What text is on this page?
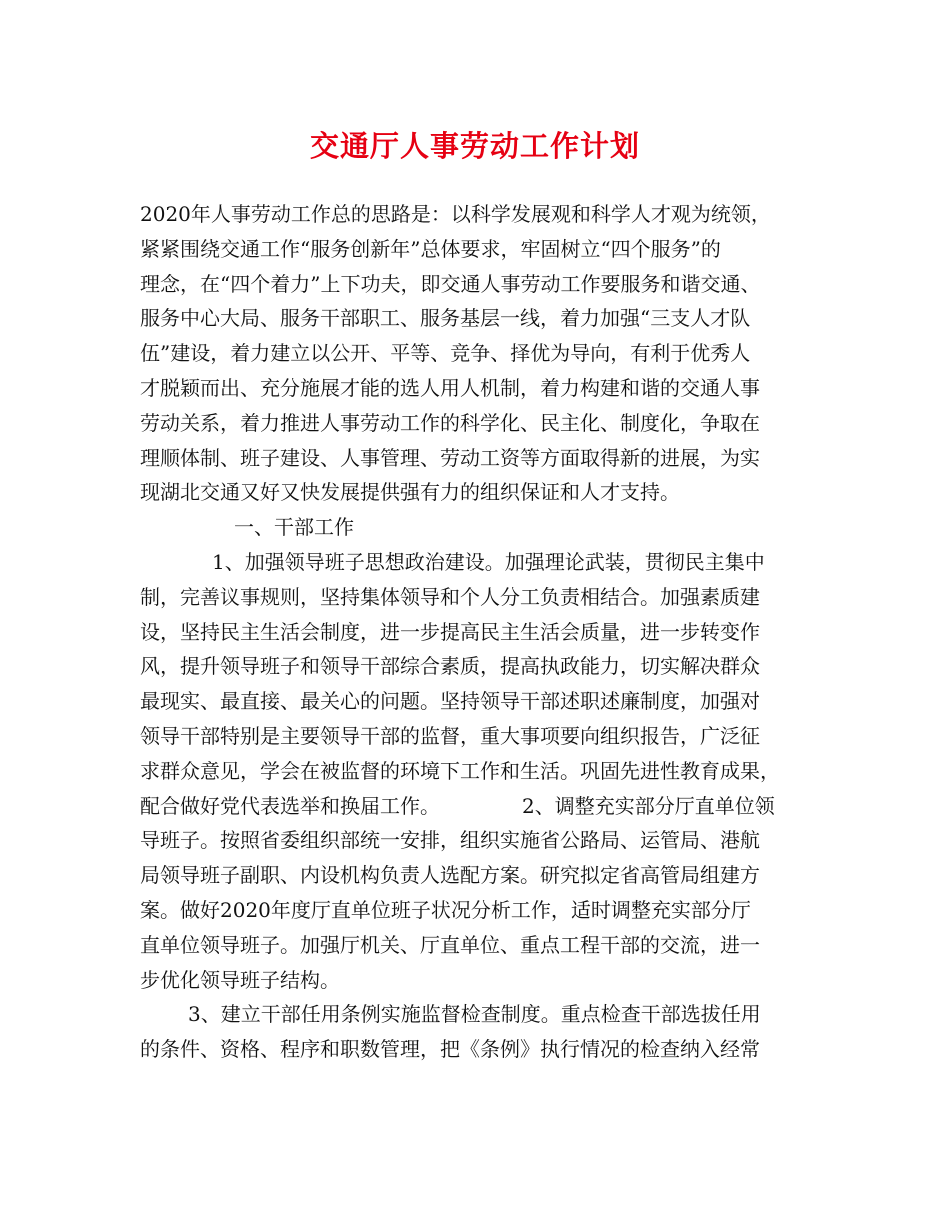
交通厅人事劳动工作计划
2020年人事劳动工作总的思路是：以科学发展观和科学人才观为统领，
紧紧围绕交通工作“服务创新年”总体要求，牢固树立“四个服务”的
理念，在“四个着力”上下功夫，即交通人事劳动工作要服务和谐交通、
服务中心大局、服务干部职工、服务基层一线，着力加强“三支人才队
伍”建设，着力建立以公开、平等、竞争、择优为导向，有利于优秀人
才脱颖而出、充分施展才能的选人用人机制，着力构建和谐的交通人事
劳动关系，着力推进人事劳动工作的科学化、民主化、制度化，争取在
理顺体制、班子建设、人事管理、劳动工资等方面取得新的进展，为实
现湖北交通又好又快发展提供强有力的组织保证和人才支持。
一、干部工作
1、加强领导班子思想政治建设。加强理论武装，贯彻民主集中
制，完善议事规则，坚持集体领导和个人分工负责相结合。加强素质建
设，坚持民主生活会制度，进一步提高民主生活会质量，进一步转变作
风，提升领导班子和领导干部综合素质，提高执政能力，切实解决群众
最现实、最直接、最关心的问题。坚持领导干部述职述廉制度，加强对
领导干部特别是主要领导干部的监督，重大事项要向组织报告，广泛征
求群众意见，学会在被监督的环境下工作和生活。巩固先进性教育成果，
配合做好党代表选举和换届工作。	2、调整充实部分厅直单位领
导班子。按照省委组织部统一安排，组织实施省公路局、运管局、港航
局领导班子副职、内设机构负责人选配方案。研究拟定省高管局组建方
案。做好2020年度厅直单位班子状况分析工作，适时调整充实部分厅
直单位领导班子。加强厅机关、厅直单位、重点工程干部的交流，进一
步优化领导班子结构。
3、建立干部任用条例实施监督检查制度。重点检查干部选拔任用
的条件、资格、程序和职数管理，把《条例》执行情况的检查纳入经常
